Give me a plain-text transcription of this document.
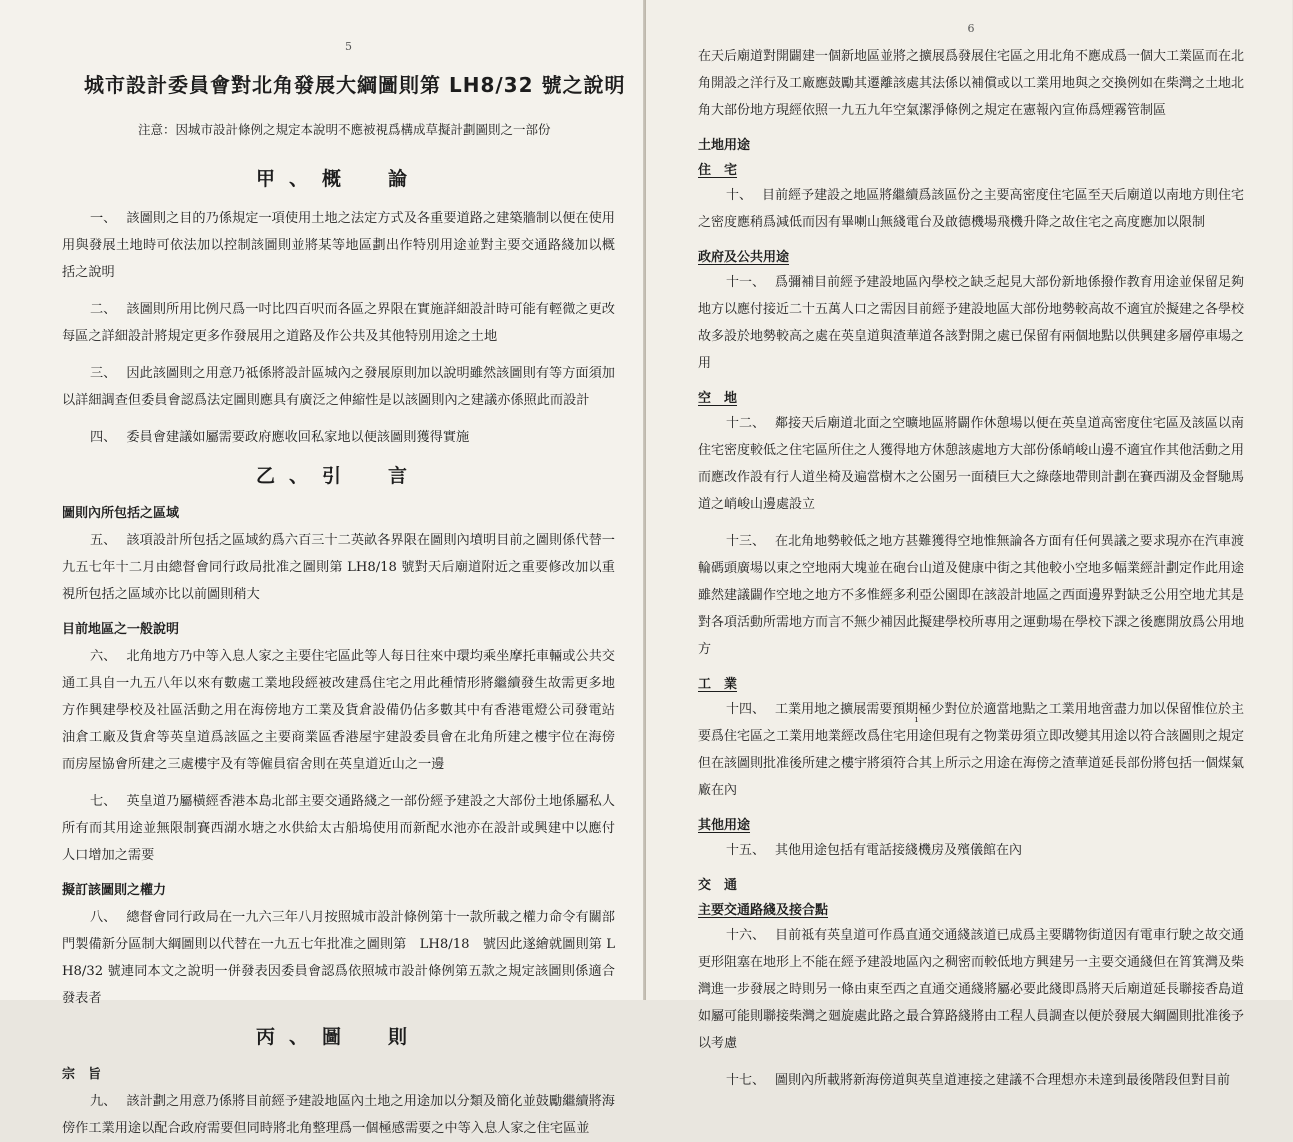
5
城市設計委員會對北角發展大綱圖則第 LH8/32 號之說明
注意：因城市設計條例之規定本說明不應被視爲構成草擬計劃圖則之一部份
甲、概　論

一、 該圖則之目的乃係規定一項使用土地之法定方式及各重要道路之建築牆制以便在使用用與發展土地時可依法加以控制該圖則並將某等地區劃出作特別用途並對主要交通路綫加以概括之說明

二、 該圖則所用比例尺爲一吋比四百呎而各區之界限在實施詳細設計時可能有輕微之更改每區之詳細設計將規定更多作發展用之道路及作公共及其他特別用途之土地

三、 因此該圖則之用意乃祗係將設計區城內之發展原則加以說明雖然該圖則有等方面須加以詳細調查但委員會認爲法定圖則應具有廣泛之伸縮性是以該圖則內之建議亦係照此而設計

四、 委員會建議如屬需要政府應收回私家地以便該圖則獲得實施

乙、引　言
圖則內所包括之區域

五、 該項設計所包括之區域約爲六百三十二英畝各界限在圖則內墳明目前之圖則係代替一九五七年十二月由總督會同行政局批准之圖則第 LH8/18 號對天后廟道附近之重要修改加以重視所包括之區域亦比以前圖則稍大

目前地區之一般說明

六、 北角地方乃中等入息人家之主要住宅區此等人每日往來中環均乘坐摩托車輛或公共交通工具自一九五八年以來有數處工業地段經被改建爲住宅之用此種情形將繼續發生故需更多地方作興建學校及社區活動之用在海傍地方工業及貨倉設備仍佔多數其中有香港電燈公司發電站油倉工廠及貨倉等英皇道爲該區之主要商業區香港屋宇建設委員會在北角所建之樓宇位在海傍而房屋協會所建之三處樓宇及有等僱員宿舍則在英皇道近山之一邊

七、 英皇道乃屬橫經香港本島北部主要交通路綫之一部份經予建設之大部份土地係屬私人所有而其用途並無限制賽西湖水塘之水供給太古船塢使用而新配水池亦在設計或興建中以應付人口增加之需要

擬訂該圖則之權力

八、 總督會同行政局在一九六三年八月按照城市設計條例第十一款所載之權力命令有關部門製備新分區制大綱圖則以代替在一九五七年批准之圖則第　LH8/18　號因此遂繪就圖則第 LH8/32 號連同本文之說明一併發表因委員會認爲依照城市設計條例第五款之規定該圖則係適合發表者

丙、圖　則
宗　旨

九、 該計劃之用意乃係將目前經予建設地區內土地之用途加以分類及簡化並鼓勵繼續將海傍作工業用途以配合政府需要但同時將北角整理爲一個極感需要之中等入息人家之住宅區並

6

在天后廟道對開闢建一個新地區並將之擴展爲發展住宅區之用北角不應成爲一個大工業區而在北角開設之洋行及工廠應鼓勵其遷離該處其法係以補償或以工業用地與之交換例如在柴灣之土地北角大部份地方現經依照一九五九年空氣潔淨條例之規定在憲報內宣佈爲煙霧管制區

土地用途
住　宅

十、 目前經予建設之地區將繼續爲該區份之主要高密度住宅區至天后廟道以南地方則住宅之密度應稍爲減低而因有畢喇山無綫電台及啟德機場飛機升降之故住宅之高度應加以限制

政府及公共用途

十一、 爲彌補目前經予建設地區內學校之缺乏起見大部份新地係撥作教育用途並保留足夠地方以應付接近二十五萬人口之需因目前經予建設地區大部份地勢較高故不適宜於擬建之各學校故多設於地勢較高之處在英皇道與渣華道各該對開之處已保留有兩個地點以供興建多層停車場之用

空　地

十二、 鄰接天后廟道北面之空曠地區將闢作休憩場以便在英皇道高密度住宅區及該區以南住宅密度較低之住宅區所住之人獲得地方休憩該處地方大部份係峭峻山邊不適宜作其他活動之用而應改作設有行人道坐椅及遍當樹木之公園另一面積巨大之綠蔭地帶則計劃在賽西湖及金督馳馬道之峭峻山邊處設立

十三、 在北角地勢較低之地方甚難獲得空地惟無論各方面有任何異議之要求現亦在汽車渡輪碼頭廣場以東之空地兩大塊並在砲台山道及健康中街之其他較小空地多幅業經計劃定作此用途雖然建議闢作空地之地方不多惟經多利亞公園即在該設計地區之西面邊界對缺乏公用空地尤其是對各項活動所需地方而言不無少補因此擬建學校所專用之運動場在學校下課之後應開放爲公用地方

工　業

十四、 工業用地之擴展需要預期極少對位於適當地點之工業用地啻盡力加以保留惟位於主要爲住宅區之工業用地業經改爲住宅用途但現有之物業毋須立即改變其用途以符合該圖則之規定但在該圖則批准後所建之樓宇將須符合其上所示之用途在海傍之渣華道延長部份將包括一個煤氣廠在內

其他用途

十五、 其他用途包括有電話接綫機房及殯儀館在內

交　通
主要交通路綫及接合點

十六、 目前祗有英皇道可作爲直通交通綫該道已成爲主要購物街道因有電車行駛之故交通更形阻塞在地形上不能在經予建設地區內之稠密而較低地方興建另一主要交通綫但在筲箕灣及柴灣進一步發展之時則另一條由東至西之直通交通綫將屬必要此綫即爲將天后廟道延長聯接香島道如屬可能則聯接柴灣之廻旋處此路之最合算路綫將由工程人員調查以便於發展大綱圖則批准後予以考慮

十七、 圖則內所載將新海傍道與英皇道連接之建議不合理想亦未達到最後階段但對目前

ı
